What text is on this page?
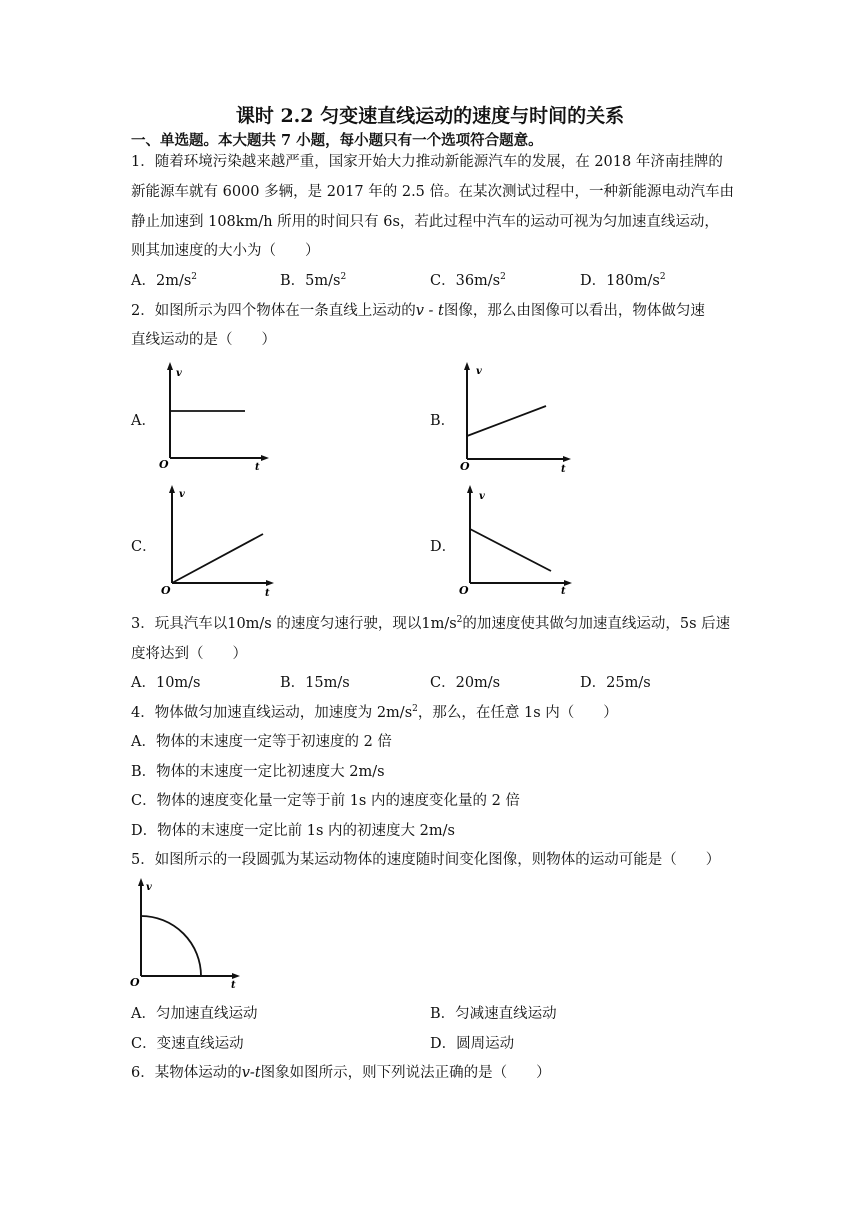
课时 2.2 匀变速直线运动的速度与时间的关系
一、单选题。本大题共 7 小题，每小题只有一个选项符合题意。
1．随着环境污染越来越严重，国家开始大力推动新能源汽车的发展，在 2018 年济南挂牌的
新能源车就有 6000 多辆，是 2017 年的 2.5 倍。在某次测试过程中，一种新能源电动汽车由
静止加速到 108km/h 所用的时间只有 6s，若此过程中汽车的运动可视为匀加速直线运动，
则其加速度的大小为（　　）
A．$2m/s^2$	B．$5m/s^2$	C．$36m/s^2$	D．$180m/s^2$
2．如图所示为四个物体在一条直线上运动的v - t图像，那么由图像可以看出，物体做匀速
直线运动的是（　　）
A．
v
O	t
B．
v
O	t
C．
v
O	t
D．
v
O	t
3．玩具汽车以10m/s 的速度匀速行驶，现以$1m/s^2$的加速度使其做匀加速直线运动，5s 后速
度将达到（　　）
A．10m/s	B．15m/s	C．20m/s	D．25m/s
4．物体做匀加速直线运动，加速度为 $2m/s^2$，那么，在任意 1s 内（　　）
A．物体的末速度一定等于初速度的 2 倍
B．物体的末速度一定比初速度大 2m/s
C．物体的速度变化量一定等于前 1s 内的速度变化量的 2 倍
D．物体的末速度一定比前 1s 内的初速度大 2m/s
5．如图所示的一段圆弧为某运动物体的速度随时间变化图像，则物体的运动可能是（　　）
v
O	t
A．匀加速直线运动	B．匀减速直线运动
C．变速直线运动	D．圆周运动
6．某物体运动的v-t图象如图所示，则下列说法正确的是（　　）
